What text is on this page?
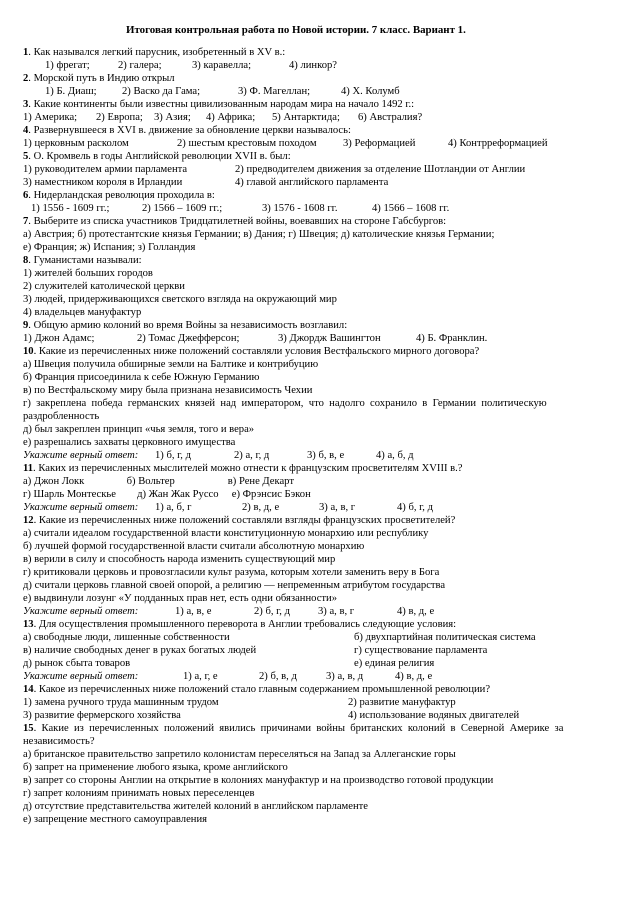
Итоговая контрольная работа по Новой истории. 7 класс. Вариант 1.
1. Как назывался легкий парусник, изобретенный в XV в.:
1) фрегат;	2) галера;	3) каравелла;	4) линкор?
2. Морской путь в Индию открыл
1) Б. Диаш; 2) Васко да Гама;	3) Ф. Магеллан;	4) Х. Колумб
3. Какие континенты были известны цивилизованным народам мира на начало 1492 г.:
1) Америка; 2) Европа; 3) Азия; 4) Африка; 5) Антарктида; 6) Австралия?
4. Развернувшееся в XVI в. движение за обновление церкви называлось:
1) церковным расколом	2) шестым крестовым походом 3) Реформацией	4) Контрреформацией
5. О. Кромвель в годы Английской революции XVII в. был:
1) руководителем армии парламента	2) предводителем движения за отделение Шотландии от Англии
3) наместником короля в Ирландии	4) главой английского парламента
6. Нидерландская революция проходила в:
1) 1556 - 1609 гг.;	2) 1566 – 1609 гг.;	3) 1576 - 1608 гг.	4) 1566 – 1608 гг.
7. Выберите из списка участников Тридцатилетней войны, воевавших на стороне Габсбургов:
а) Австрия; б) протестантские князья Германии; в) Дания; г) Швеция; д) католические князья Германии;
е) Франция; ж) Испания; з) Голландия
8. Гуманистами называли:
1) жителей больших городов
2) служителей католической церкви
3) людей, придерживающихся светского взгляда на окружающий мир
4) владельцев мануфактур
9. Общую армию колоний во время Войны за независимость возглавил:
1) Джон Адамс;	2) Томас Джефферсон;	3) Джордж Вашингтон	4) Б. Франклин.
10. Какие из перечисленных ниже положений составляли условия Вестфальского мирного договора?
а) Швеция получила обширные земли на Балтике и контрибуцию
б) Франция присоединила к себе Южную Германию
в) по Вестфальскому миру была признана независимость Чехии
г)  закреплена  победа  германских  князей  над  императором,  что  надолго  сохранило  в  Германии  политическую
раздробленность
д) был закреплен принцип «чья земля, того и вера»
е) разрешались захваты церковного имущества
Укажите верный ответ: 1) б, г, д	2) а, г, д	3) б, в, е	4) а, б, д
11. Каких из перечисленных мыслителей можно отнести к французским просветителям XVIII в.?
а) Джон Локк                б) Вольтер                    в) Рене Декарт
г) Шарль Монтескье        д) Жан Жак Руссо     е) Фрэнсис Бэкон
Укажите верный ответ: 1) а, б, г	2) в, д, е	3) а, в, г	4) б, г, д
12. Какие из перечисленных ниже положений составляли взгляды французских просветителей?
а) считали идеалом государственной власти конституционную монархию или республику
б) лучшей формой государственной власти считали абсолютную монархию
в) верили в силу и способность народа изменить существующий мир
г) критиковали церковь и провозгласили культ разума, которым хотели заменить веру в Бога
д) считали церковь главной своей опорой, а религию — непременным атрибутом государства
е) выдвинули лозунг «У подданных прав нет, есть одни обязанности»
Укажите верный ответ:	1) а, в, е	2) б, г, д	3) а, в, г	4) в, д, е
13. Для осуществления промышленного переворота в Англии требовались следующие условия:
а) свободные люди, лишенные собственности	б) двухпартийная политическая система
в) наличие свободных денег в руках богатых людей	г) существование парламента
д) рынок сбыта товаров	е) единая религия
Укажите верный ответ:	1) а, г, е	2) б, в, д	3) а, в, д	4) в, д, е
14. Какое из перечисленных ниже положений стало главным содержанием промышленной революции?
1) замена ручного труда машинным трудом	2) развитие мануфактур
3) развитие фермерского хозяйства	4) использование водяных двигателей
15.  Какие  из  перечисленных  положений  явились  причинами  войны  британских  колоний  в  Северной  Америке  за
независимость?
а) британское правительство запретило колонистам переселяться на Запад за Аллеганские горы
б) запрет на применение любого языка, кроме английского
в) запрет со стороны Англии на открытие в колониях мануфактур и на производство готовой продукции
г) запрет колониям принимать новых переселенцев
д) отсутствие представительства жителей колоний в английском парламенте
е) запрещение местного самоуправления
